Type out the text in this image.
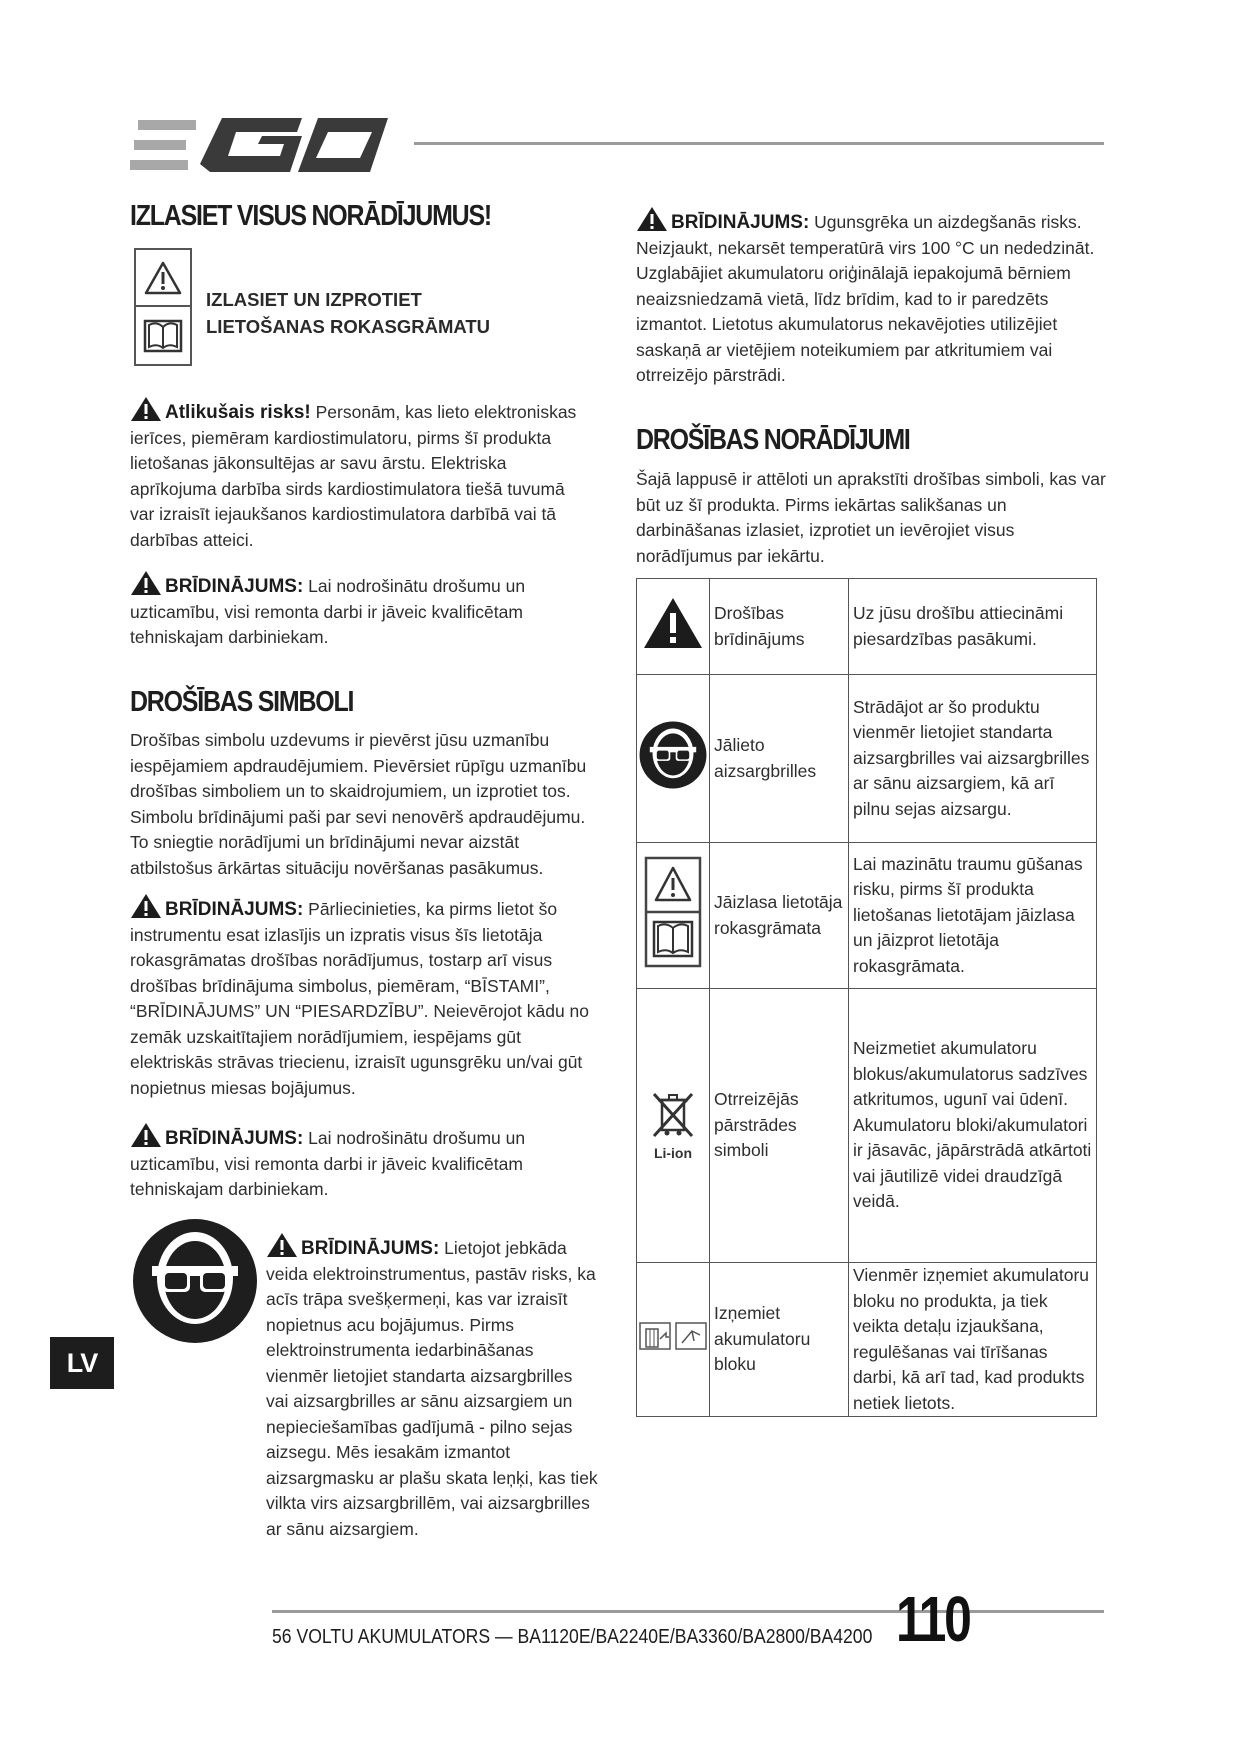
IZLASIET VISUS NORĀDĪJUMUS!
IZLASIET UN IZPROTIET
LIETOŠANAS ROKASGRĀMATU

Atlikušais risks! Personām, kas lieto elektroniskas ierīces, piemēram kardiostimulatoru, pirms šī produkta lietošanas jākonsultējas ar savu ārstu. Elektriska aprīkojuma darbība sirds kardiostimulatora tiešā tuvumā var izraisīt iejaukšanos kardiostimulatora darbībā vai tā darbības atteici.

BRĪDINĀJUMS: Lai nodrošinātu drošumu un uzticamību, visi remonta darbi ir jāveic kvalificētam tehniskajam darbiniekam.

DROŠĪBAS SIMBOLI

Drošības simbolu uzdevums ir pievērst jūsu uzmanību iespējamiem apdraudējumiem. Pievērsiet rūpīgu uzmanību drošības simboliem un to skaidrojumiem, un izprotiet tos. Simbolu brīdinājumi paši par sevi nenovērš apdraudējumu. To sniegtie norādījumi un brīdinājumi nevar aizstāt atbilstošus ārkārtas situāciju novēršanas pasākumus.

BRĪDINĀJUMS: Pārliecinieties, ka pirms lietot šo instrumentu esat izlasījis un izpratis visus šīs lietotāja rokasgrāmatas drošības norādījumus, tostarp arī visus drošības brīdinājuma simbolus, piemēram, “BĪSTAMI”, “BRĪDINĀJUMS” UN “PIESARDZĪBU”. Neievērojot kādu no zemāk uzskaitītajiem norādījumiem, iespējams gūt elektriskās strāvas triecienu, izraisīt ugunsgrēku un/vai gūt nopietnus miesas bojājumus.

BRĪDINĀJUMS: Lai nodrošinātu drošumu un uzticamību, visi remonta darbi ir jāveic kvalificētam tehniskajam darbiniekam.

BRĪDINĀJUMS: Lietojot jebkāda veida elektroinstrumentus, pastāv risks, ka acīs trāpa svešķermeņi, kas var izraisīt nopietnus acu bojājumus. Pirms elektroinstrumenta iedarbināšanas vienmēr lietojiet standarta aizsargbrilles vai aizsargbrilles ar sānu aizsargiem un nepieciešamības gadījumā - pilno sejas aizsegu. Mēs iesakām izmantot aizsargmasku ar plašu skata leņķi, kas tiek vilkta virs aizsargbrillēm, vai aizsargbrilles ar sānu aizsargiem.

BRĪDINĀJUMS: Ugunsgrēka un aizdegšanās risks. Neizjaukt, nekarsēt temperatūrā virs 100 °C un nededzināt. Uzglabājiet akumulatoru oriģinālajā iepakojumā bērniem neaizsniedzamā vietā, līdz brīdim, kad to ir paredzēts izmantot. Lietotus akumulatorus nekavējoties utilizējiet saskaņā ar vietējiem noteikumiem par atkritumiem vai otrreizējo pārstrādi.

DROŠĪBAS NORĀDĪJUMI

Šajā lappusē ir attēloti un aprakstīti drošības simboli, kas var būt uz šī produkta. Pirms iekārtas salikšanas un darbināšanas izlasiet, izprotiet un ievērojiet visus norādījumus par iekārtu.

	Drošības brīdinājums	Uz jūsu drošību attiecināmi piesardzības pasākumi.
	Jālieto aizsargbrilles	Strādājot ar šo produktu vienmēr lietojiet standarta aizsargbrilles vai aizsargbrilles ar sānu aizsargiem, kā arī pilnu sejas aizsargu.
	Jāizlasa lietotāja rokasgrāmata	Lai mazinātu traumu gūšanas risku, pirms šī produkta lietošanas lietotājam jāizlasa un jāizprot lietotāja rokasgrāmata.

Li-ion	Otrreizējās pārstrādes simboli	Neizmetiet akumulatoru blokus/akumulatorus sadzīves atkritumos, ugunī vai ūdenī. Akumulatoru bloki/akumulatori ir jāsavāc, jāpārstrādā atkārtoti vai jāutilizē videi draudzīgā veidā.
	Izņemiet akumulatoru bloku	Vienmēr izņemiet akumulatoru bloku no produkta, ja tiek veikta detaļu izjaukšana, regulēšanas vai tīrīšanas darbi, kā arī tad, kad produkts netiek lietots.
LV
56 VOLTU AKUMULATORS — BA1120E/BA2240E/BA3360/BA2800/BA4200 110
